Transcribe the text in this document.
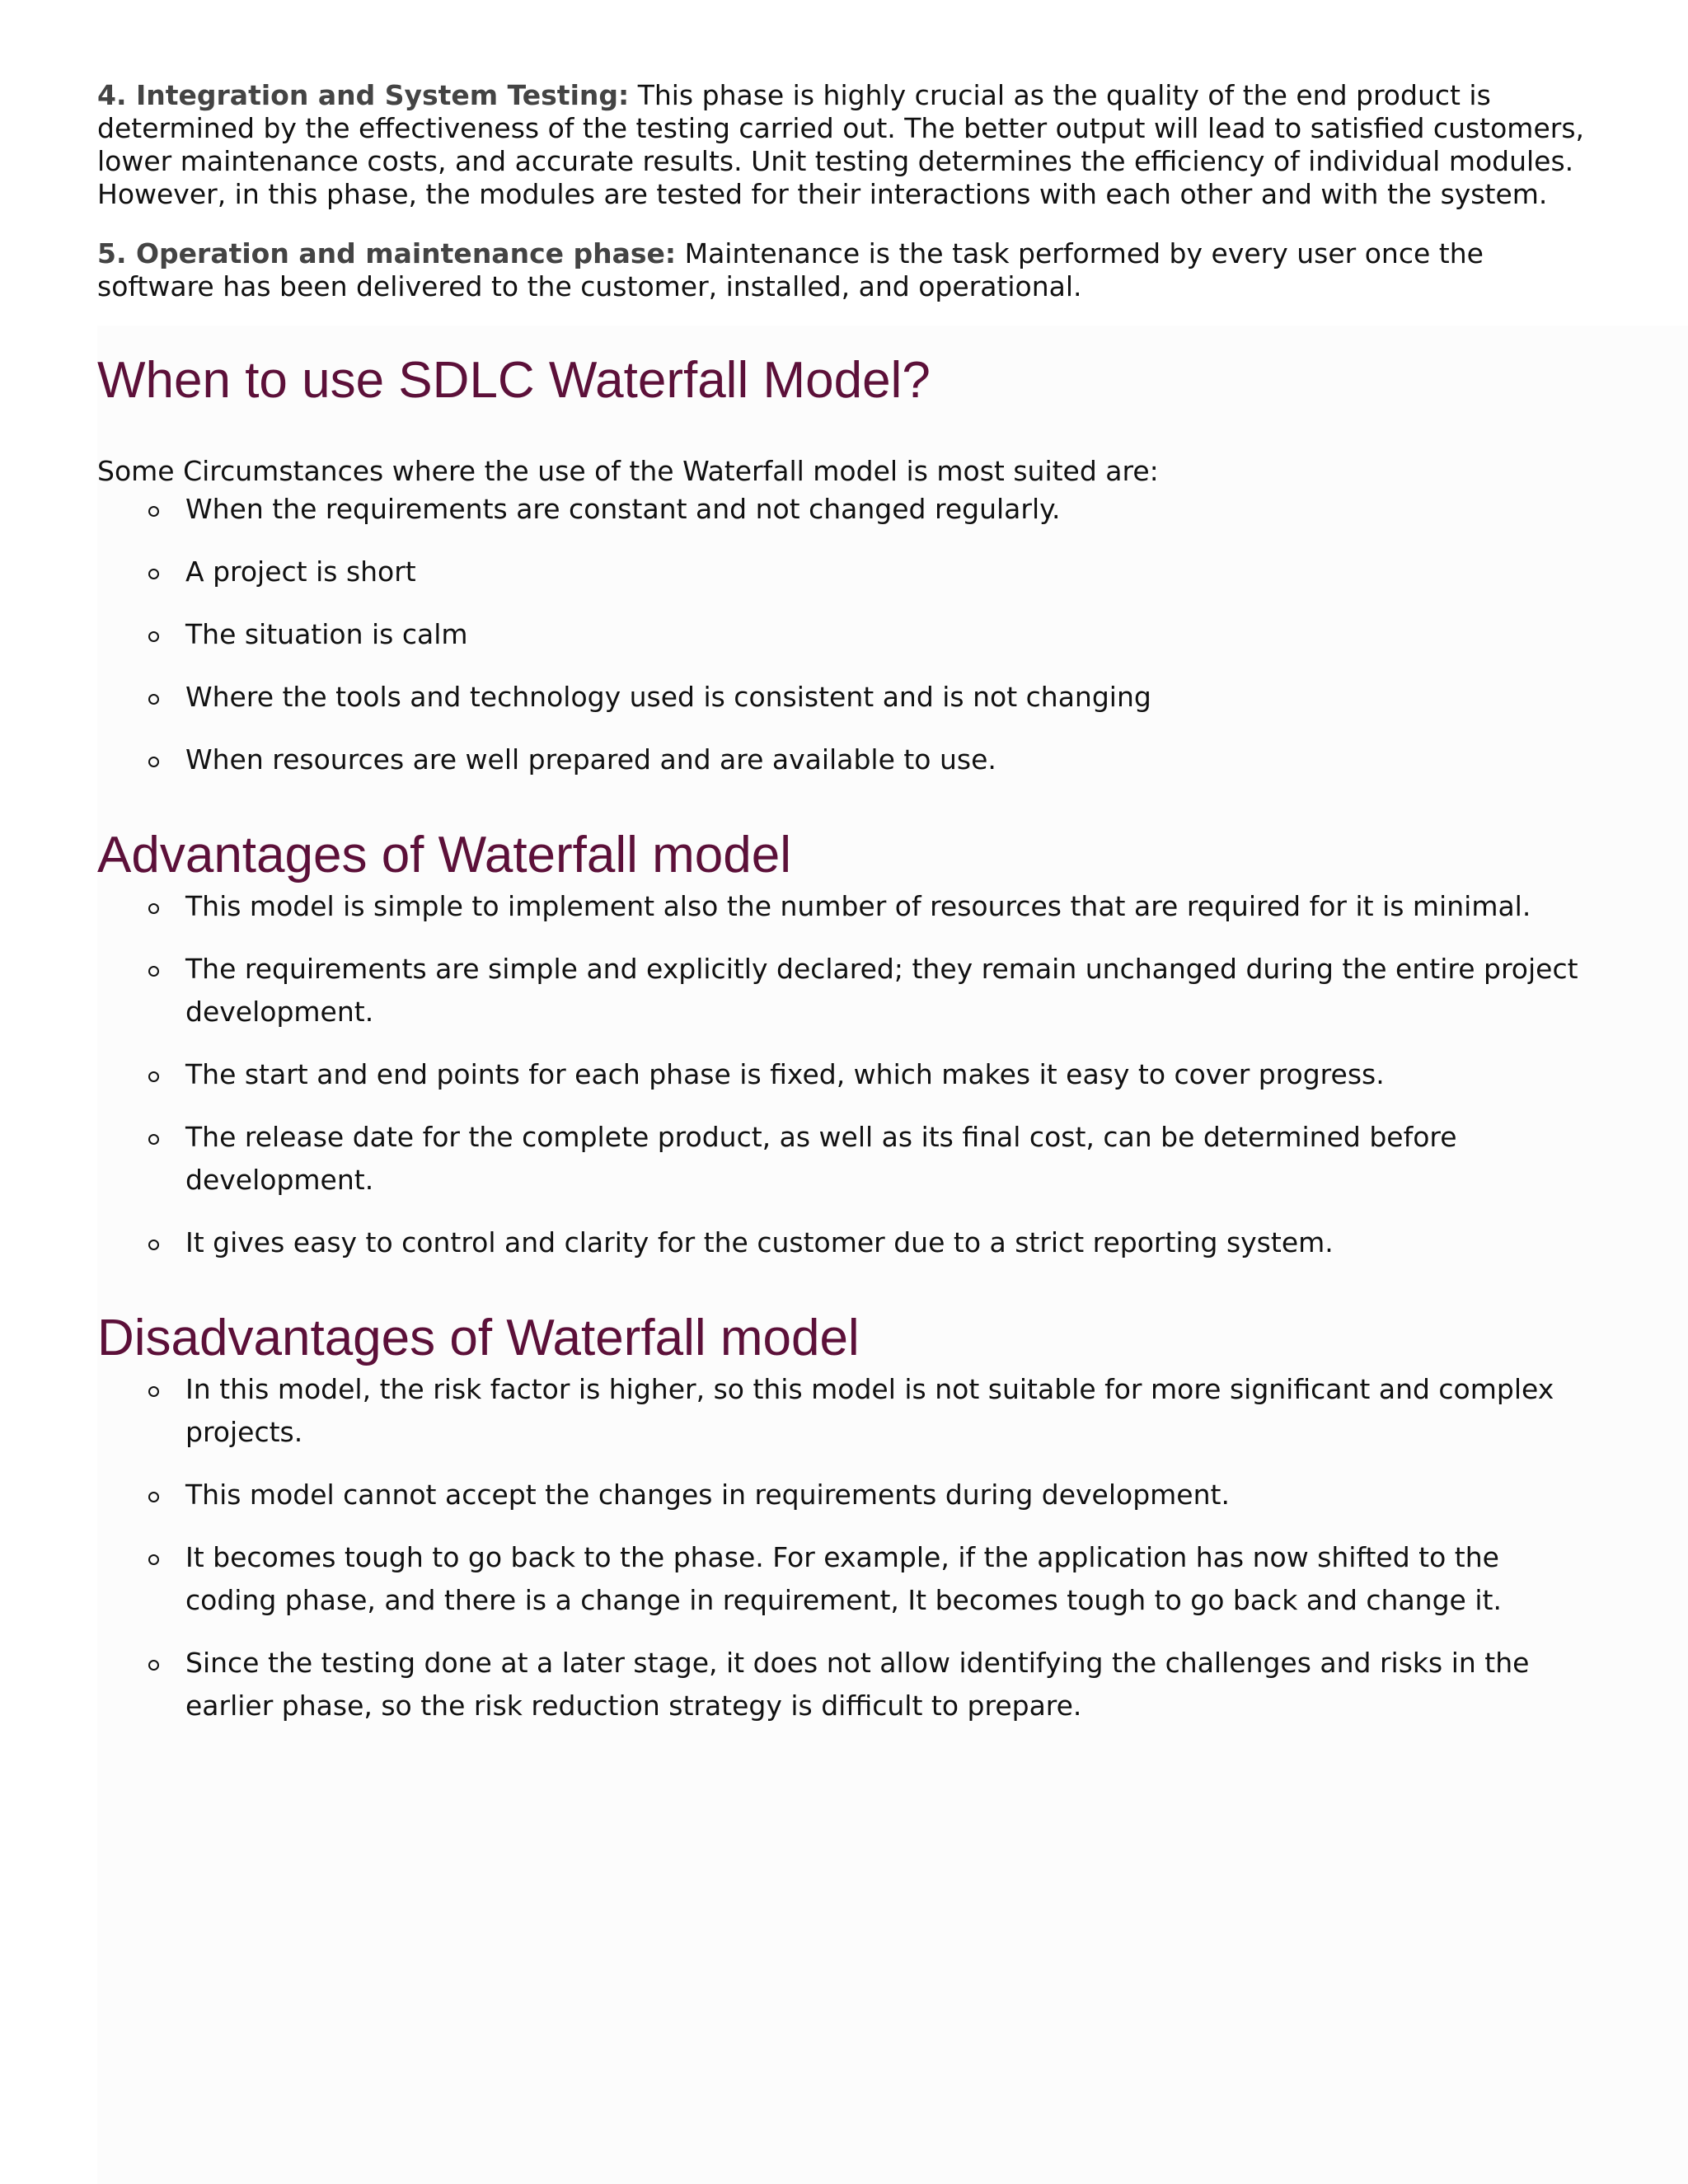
4. Integration and System Testing: This phase is highly crucial as the quality of the end product is determined by the effectiveness of the testing carried out. The better output will lead to satisfied customers, lower maintenance costs, and accurate results. Unit testing determines the efficiency of individual modules. However, in this phase, the modules are tested for their interactions with each other and with the system.

5. Operation and maintenance phase: Maintenance is the task performed by every user once the software has been delivered to the customer, installed, and operational.

When to use SDLC Waterfall Model?

Some Circumstances where the use of the Waterfall model is most suited are:

When the requirements are constant and not changed regularly.
A project is short
The situation is calm
Where the tools and technology used is consistent and is not changing
When resources are well prepared and are available to use.
Advantages of Waterfall model
This model is simple to implement also the number of resources that are required for it is minimal.
The requirements are simple and explicitly declared; they remain unchanged during the entire project development.
The start and end points for each phase is fixed, which makes it easy to cover progress.
The release date for the complete product, as well as its final cost, can be determined before development.
It gives easy to control and clarity for the customer due to a strict reporting system.
Disadvantages of Waterfall model
In this model, the risk factor is higher, so this model is not suitable for more significant and complex projects.
This model cannot accept the changes in requirements during development.
It becomes tough to go back to the phase. For example, if the application has now shifted to the coding phase, and there is a change in requirement, It becomes tough to go back and change it.
Since the testing done at a later stage, it does not allow identifying the challenges and risks in the earlier phase, so the risk reduction strategy is difficult to prepare.
